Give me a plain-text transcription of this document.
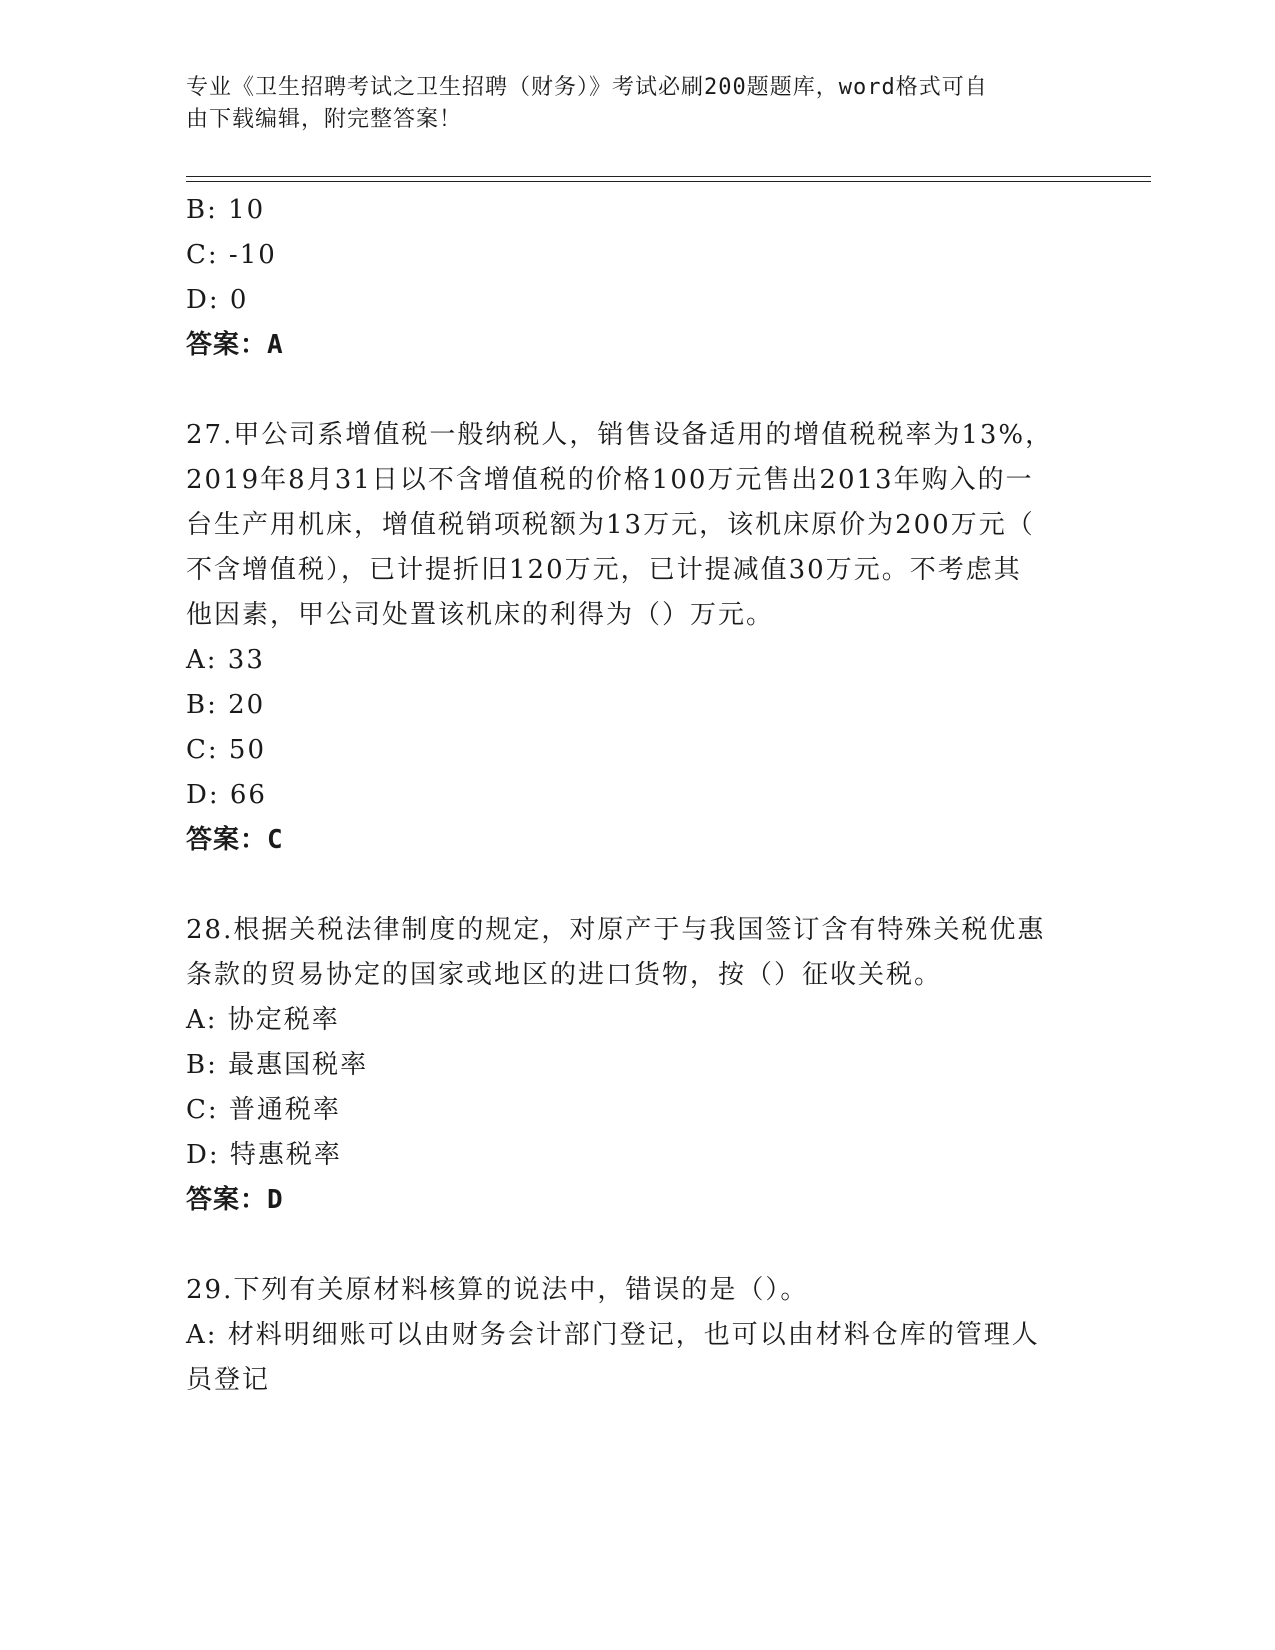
专业《卫生招聘考试之卫生招聘（财务）》考试必刷200题题库，word格式可自
由下载编辑，附完整答案！
B: 10
C: -10
D: 0
答案：A
27.甲公司系增值税一般纳税人，销售设备适用的增值税税率为13%，
2019年8月31日以不含增值税的价格100万元售出2013年购入的一
台生产用机床，增值税销项税额为13万元，该机床原价为200万元（
不含增值税），已计提折旧120万元，已计提减值30万元。不考虑其
他因素，甲公司处置该机床的利得为（）万元。
A: 33
B: 20
C: 50
D: 66
答案：C
28.根据关税法律制度的规定，对原产于与我国签订含有特殊关税优惠
条款的贸易协定的国家或地区的进口货物，按（）征收关税。
A: 协定税率
B: 最惠国税率
C: 普通税率
D: 特惠税率
答案：D
29.下列有关原材料核算的说法中，错误的是（）。
A: 材料明细账可以由财务会计部门登记，也可以由材料仓库的管理人
员登记
